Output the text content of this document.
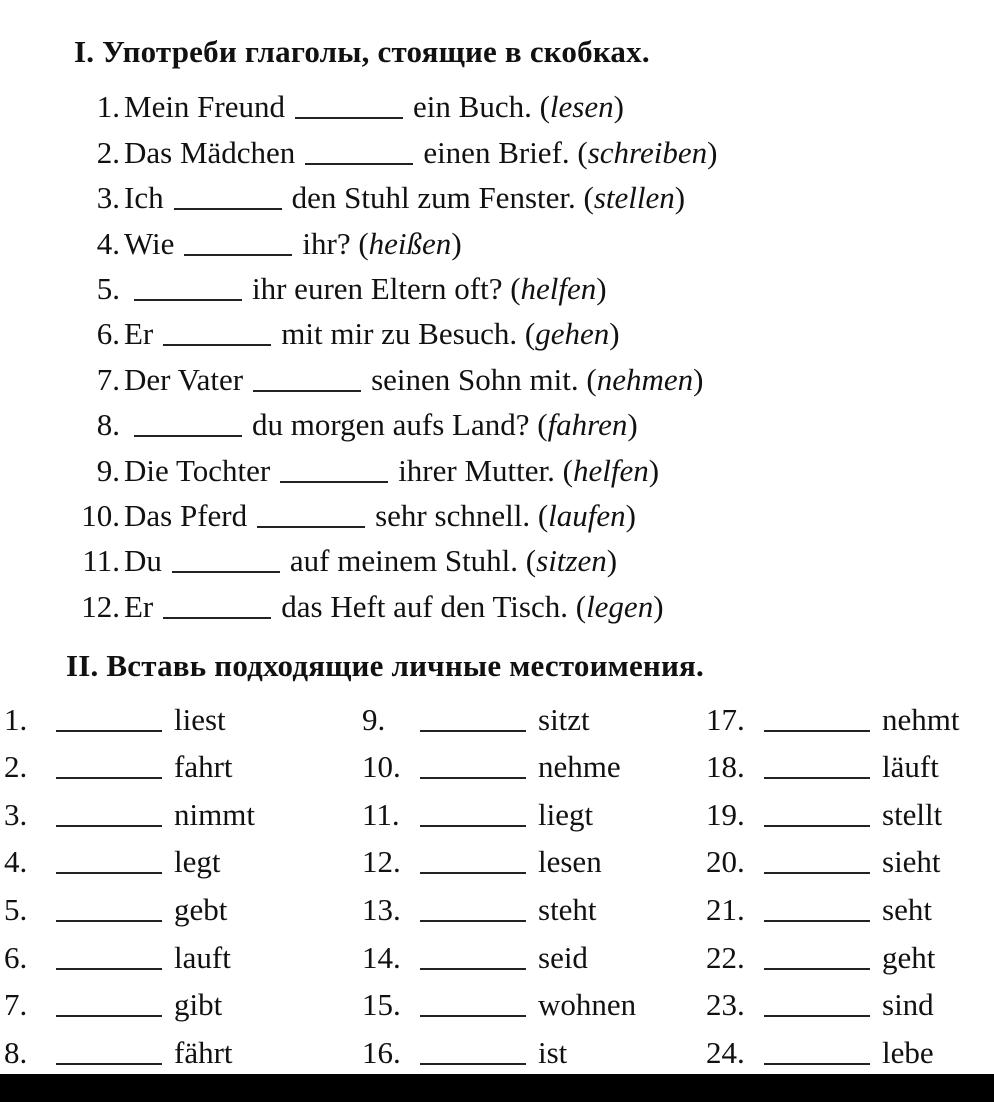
I. Употреби глаголы, стоящие в скобках.
1. Mein Freund	ein Buch. ( lesen )
2. Das Mädchen	einen Brief. ( schreiben )
3. Ich	den Stuhl zum Fenster. ( stellen )
4. Wie	ihr? ( heißen )
5.	ihr euren Eltern oft? ( helfen )
6. Er	mit mir zu Besuch. ( gehen )
7. Der Vater	seinen Sohn mit. ( nehmen )
8.	du morgen aufs Land? ( fahren )
9. Die Tochter	ihrer Mutter. ( helfen )
10. Das Pferd	sehr schnell. ( laufen )
11. Du	auf meinem Stuhl. ( sitzen )
12. Er	das Heft auf den Tisch. ( legen )
II. Вставь подходящие личные местоимения.
1.	liest
2.	fahrt
3.	nimmt
4.	legt
5.	gebt
6.	lauft
7.	gibt
8.	fährt
9.	sitzt
10.	nehme
11.	liegt
12.	lesen
13.	steht
14.	seid
15.	wohnen
16.	ist
17.	nehmt
18.	läuft
19.	stellt
20.	sieht
21.	seht
22.	geht
23.	sind
24.	lebe
